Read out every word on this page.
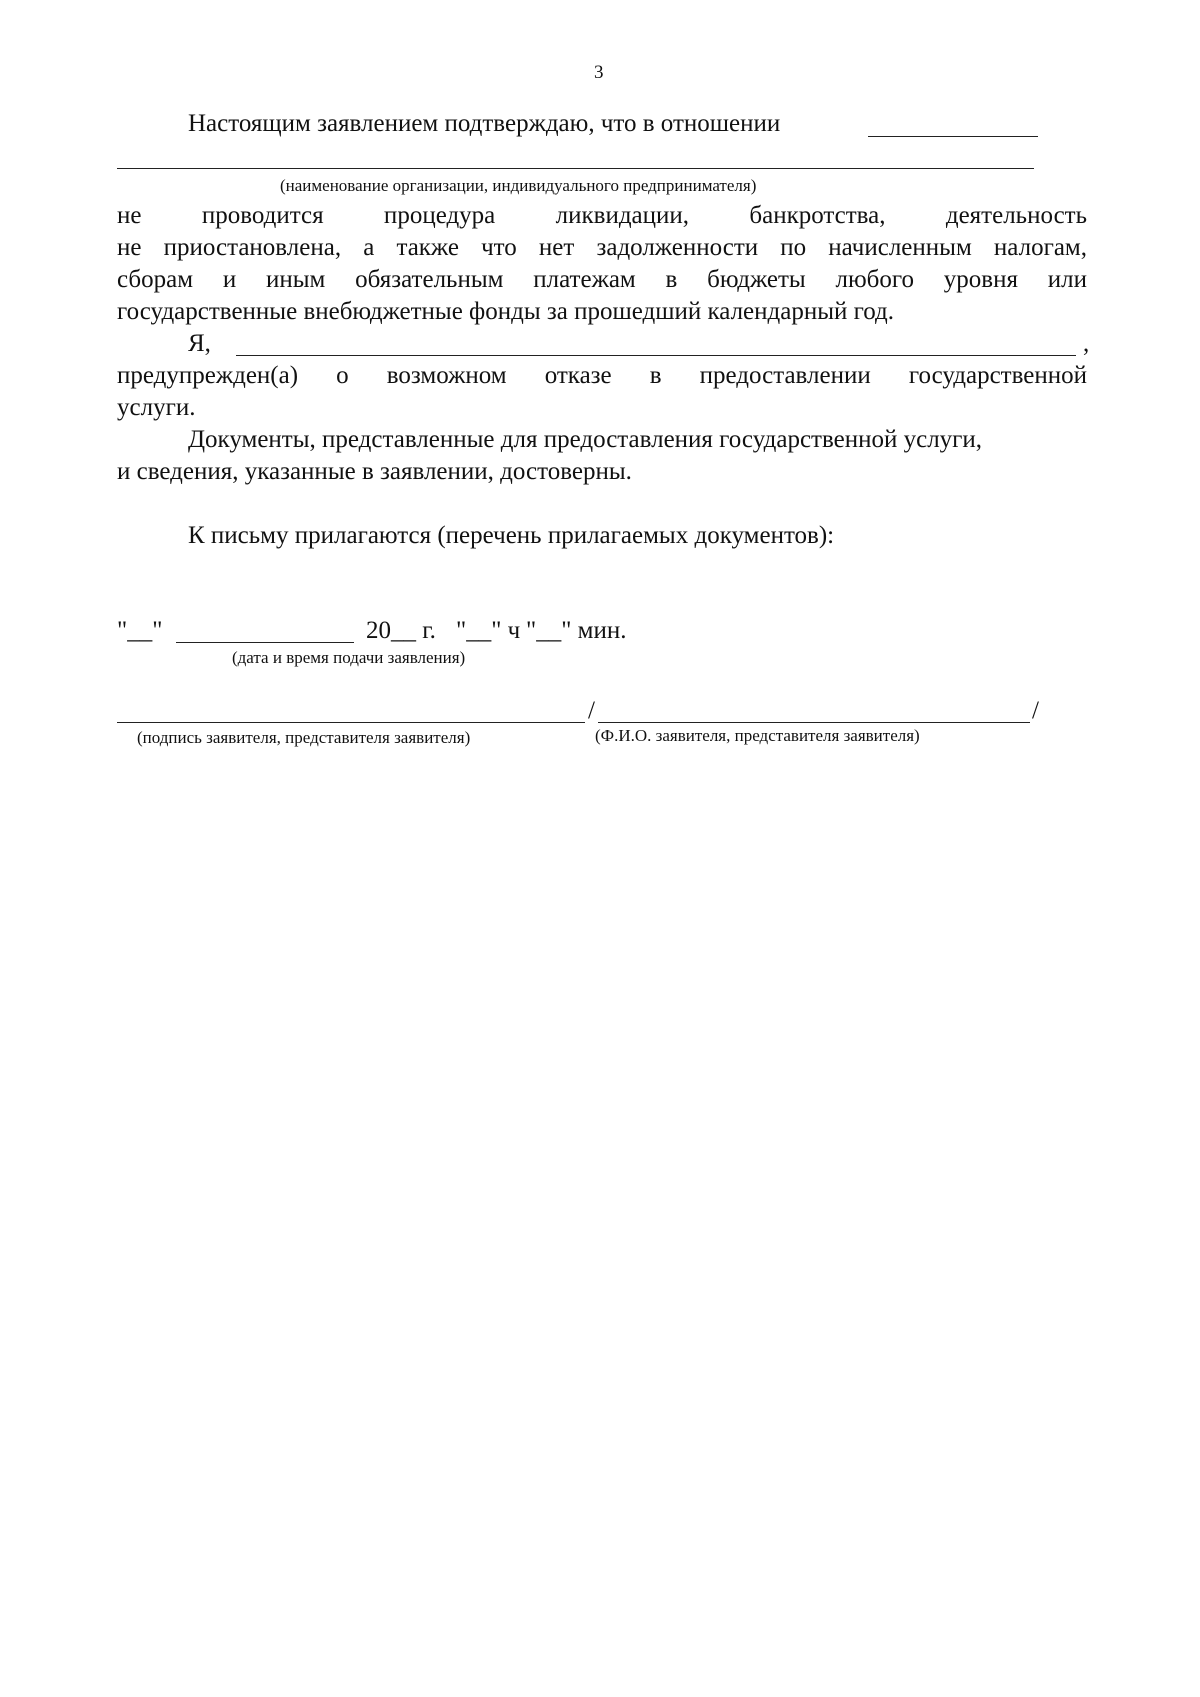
3
Настоящим заявлением подтверждаю, что в отношении
(наименование организации, индивидуального предпринимателя)
не проводится процедура ликвидации, банкротства, деятельность
не приостановлена, а также что нет задолженности по начисленным налогам,
сборам и иным обязательным платежам в бюджеты любого уровня или
государственные внебюджетные фонды за прошедший календарный год.
Я,	,
предупрежден(а) о возможном отказе в предоставлении государственной
услуги.
Документы, представленные для предоставления государственной услуги,
и сведения, указанные в заявлении, достоверны.
К письму прилагаются (перечень прилагаемых документов):
"__"	20__ г. "__" ч "__" мин.
(дата и время подачи заявления)
/	/
(подпись заявителя, представителя заявителя)	(Ф.И.О. заявителя, представителя заявителя)
